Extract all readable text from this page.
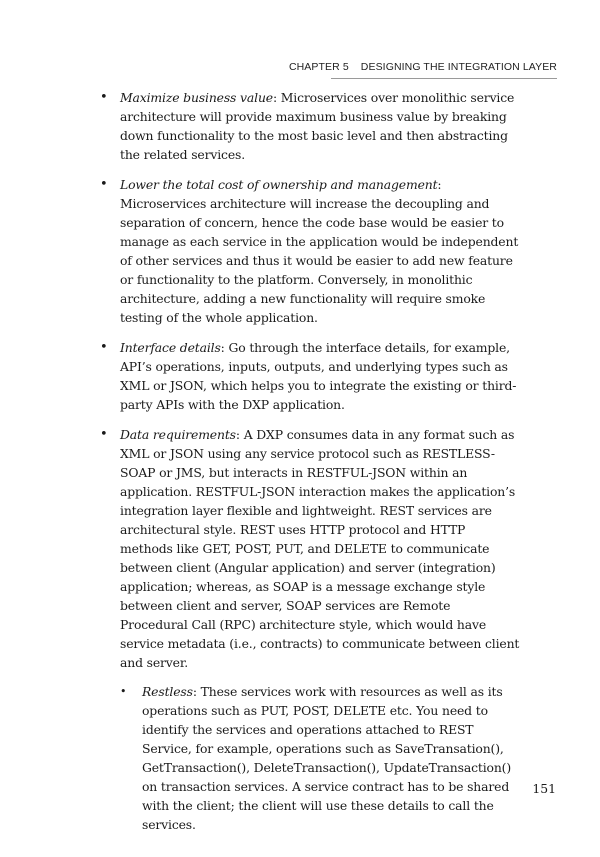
CHAPTER 5 DESIGNING THE INTEGRATION LAYER
• Maximize business value: Microservices over monolithic service architecture will provide maximum business value by breaking down functionality to the most basic level and then abstracting the related services.
• Lower the total cost of ownership and management: Microservices architecture will increase the decoupling and separation of concern, hence the code base would be easier to manage as each service in the application would be independent of other services and thus it would be easier to add new feature or functionality to the platform. Conversely, in monolithic architecture, adding a new functionality will require smoke testing of the whole application.
• Interface details: Go through the interface details, for example, API’s operations, inputs, outputs, and underlying types such as XML or JSON, which helps you to integrate the existing or third-party APIs with the DXP application.
• Data requirements: A DXP consumes data in any format such as XML or JSON using any service protocol such as RESTLESS-SOAP or JMS, but interacts in RESTFUL-JSON within an application. RESTFUL-JSON interaction makes the application’s integration layer flexible and lightweight. REST services are architectural style. REST uses HTTP protocol and HTTP methods like GET, POST, PUT, and DELETE to communicate between client (Angular application) and server (integration) application; whereas, as SOAP is a message exchange style between client and server, SOAP services are Remote Procedural Call (RPC) architecture style, which would have service metadata (i.e., contracts) to communicate between client and server.
• Restless: These services work with resources as well as its operations such as PUT, POST, DELETE etc. You need to identify the services and operations attached to REST Service, for example, operations such as SaveTransation(), GetTransaction(), DeleteTransaction(), UpdateTransaction() on transaction services. A service contract has to be shared with the client; the client will use these details to call the services.
151
